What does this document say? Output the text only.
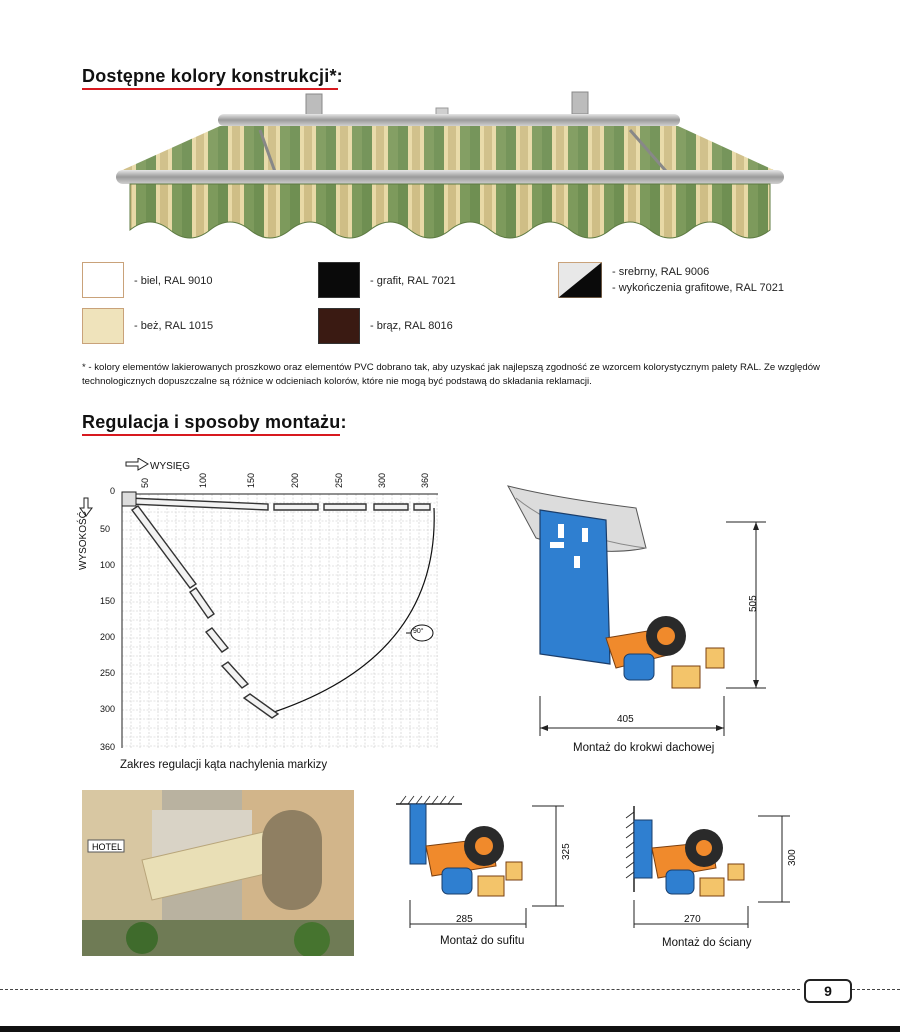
Dostępne kolory konstrukcji*:
- biel, RAL 9010	- grafit, RAL 7021
- beż, RAL 1015	- brąz, RAL 8016
- srebrny, RAL 9006
- wykończenia grafitowe, RAL 7021
* - kolory elementów lakierowanych proszkowo oraz elementów PVC dobrano tak, aby uzyskać jak najlepszą zgodność ze wzorcem kolorystycznym palety RAL. Ze względów technologicznych dopuszczalne są różnice w odcieniach kolorów, które nie mogą być podstawą do składania reklamacji.
Regulacja i sposoby montażu:
WYSIĘG
WYSOKOŚĆ
90°
50	100	150	200	250	300	360
0
50
100
150
200
250
300
360
Zakres regulacji kąta nachylenia markizy
505
405
Montaż do krokwi dachowej
HOTEL	325
285
Montaż do sufitu
300
270
Montaż do ściany
9
